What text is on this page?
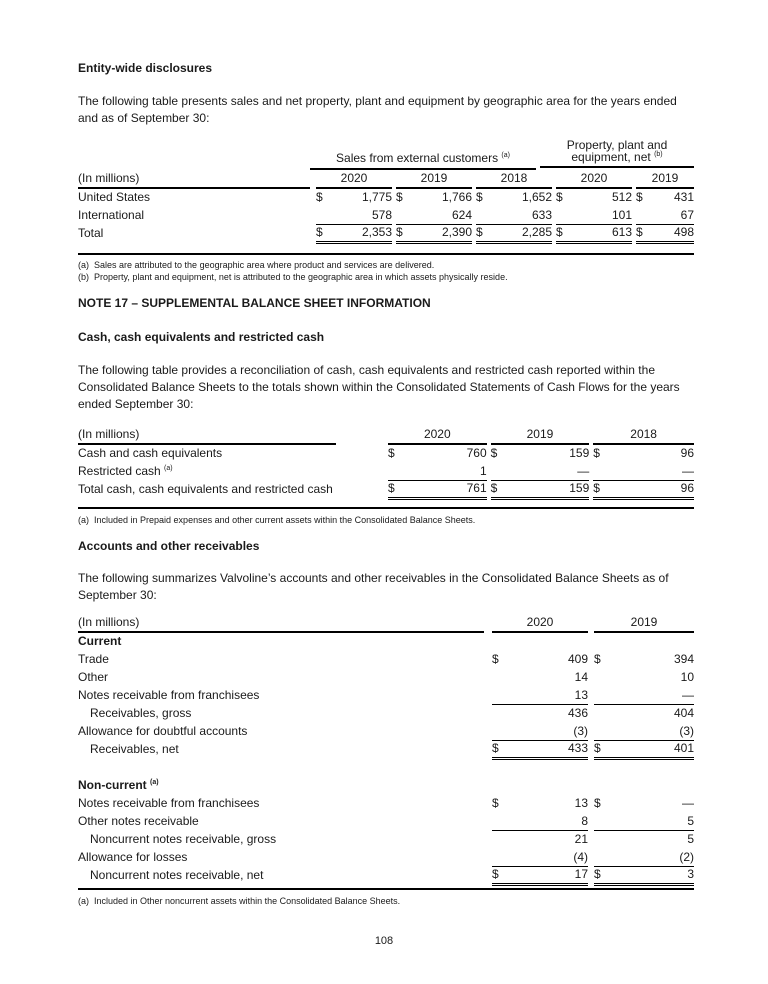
Entity-wide disclosures
The following table presents sales and net property, plant and equipment by geographic area for the years ended and as of September 30:
Sales from external customers $^{(a)}$
Property, plant and
equipment, net $^{(b)}$
(In millions)		2020			2019			2018			2020			2019	
United States		$	1,775		$	1,766		$	1,652		$	512		$	431
International			578			624			633			101			67
Total		$	2,353		$	2,390		$	2,285		$	613		$	498
(a) Sales are attributed to the geographic area where product and services are delivered.
(b) Property, plant and equipment, net is attributed to the geographic area in which assets physically reside.
NOTE 17 – SUPPLEMENTAL BALANCE SHEET INFORMATION
Cash, cash equivalents and restricted cash
The following table provides a reconciliation of cash, cash equivalents and restricted cash reported within the Consolidated Balance Sheets to the totals shown within the Consolidated Statements of Cash Flows for the years ended September 30:
(In millions)		2020			2019			2018	
Cash and cash equivalents		$	760		$	159		$	96
Restricted cash $^{(a)}$			1			—			—
Total cash, cash equivalents and restricted cash		$	761		$	159		$	96
(a) Included in Prepaid expenses and other current assets within the Consolidated Balance Sheets.
Accounts and other receivables
The following summarizes Valvoline’s accounts and other receivables in the Consolidated Balance Sheets as of September 30:
(In millions)		2020			2019	
Current						
Trade		$	409		$	394
Other			14			10
Notes receivable from franchisees			13			—
Receivables, gross			436			404
Allowance for doubtful accounts			(3)			(3)
Receivables, net		$	433		$	401

Non-current $^{(a)}$						
Notes receivable from franchisees		$	13		$	—
Other notes receivable			8			5
Noncurrent notes receivable, gross			21			5
Allowance for losses			(4)			(2)
Noncurrent notes receivable, net		$	17		$	3
(a) Included in Other noncurrent assets within the Consolidated Balance Sheets.
108
